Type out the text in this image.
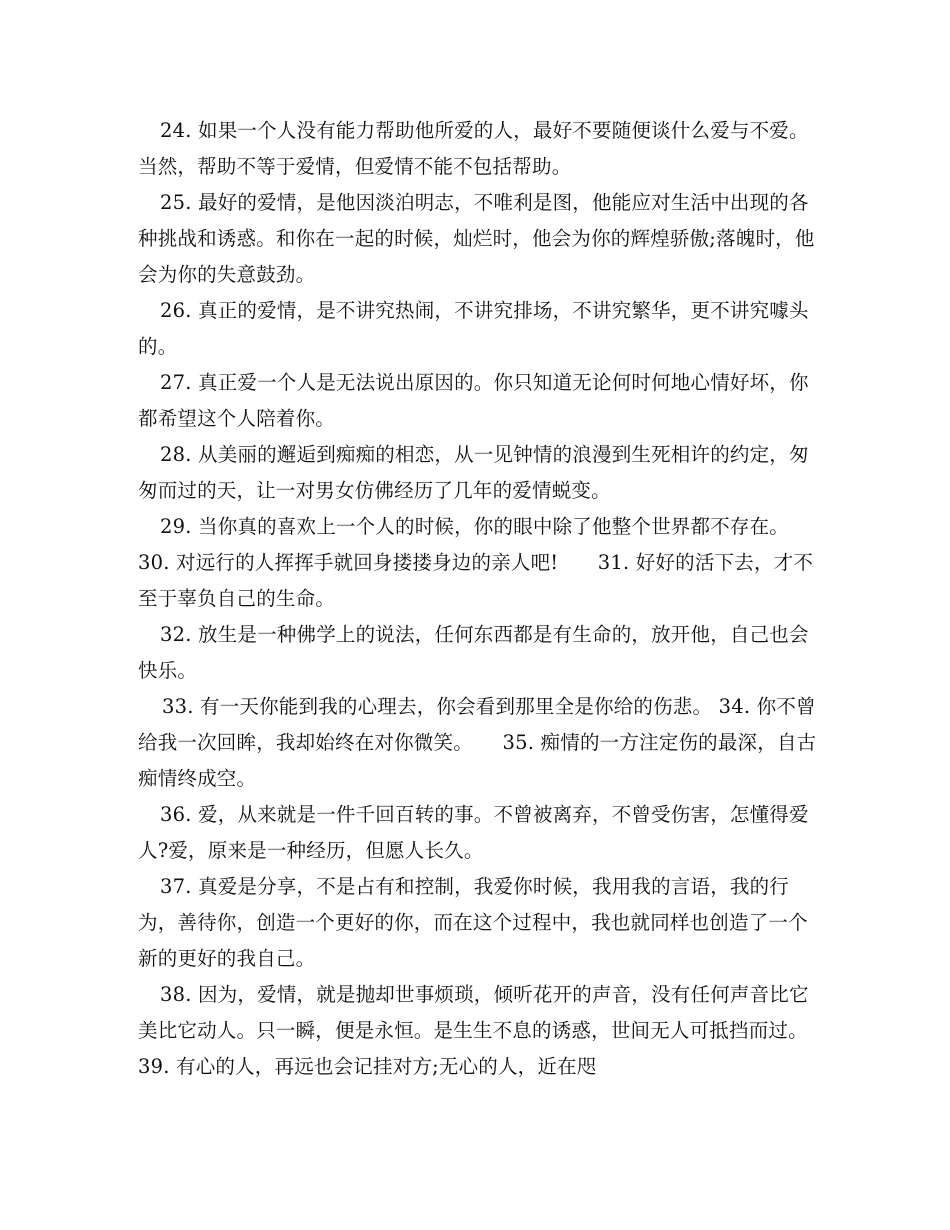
24. 如果一个人没有能力帮助他所爱的人，最好不要随便谈什么爱与不爱。当然，帮助不等于爱情，但爱情不能不包括帮助。

25. 最好的爱情，是他因淡泊明志，不唯利是图，他能应对生活中出现的各种挑战和诱惑。和你在一起的时候，灿烂时，他会为你的辉煌骄傲;落魄时，他会为你的失意鼓劲。

26. 真正的爱情，是不讲究热闹，不讲究排场，不讲究繁华，更不讲究噱头

的。

27. 真正爱一个人是无法说出原因的。你只知道无论何时何地心情好坏，你都希望这个人陪着你。

28. 从美丽的邂逅到痴痴的相恋，从一见钟情的浪漫到生死相许的约定，匆匆而过的天，让一对男女仿佛经历了几年的爱情蜕变。

29. 当你真的喜欢上一个人的时候，你的眼中除了他整个世界都不存在。　　30. 对远行的人挥挥手就回身搂搂身边的亲人吧!　　31. 好好的活下去，才不至于辜负自己的生命。

32. 放生是一种佛学上的说法，任何东西都是有生命的，放开他，自己也会快乐。

33. 有一天你能到我的心理去，你会看到那里全是你给的伤悲。 34. 你不曾给我一次回眸，我却始终在对你微笑。　　35. 痴情的一方注定伤的最深，自古痴情终成空。

36. 爱，从来就是一件千回百转的事。不曾被离弃，不曾受伤害，怎懂得爱人?爱，原来是一种经历，但愿人长久。

37. 真爱是分享，不是占有和控制，我爱你时候，我用我的言语，我的行为，善待你，创造一个更好的你，而在这个过程中，我也就同样也创造了一个新的更好的我自己。

38. 因为，爱情，就是抛却世事烦琐，倾听花开的声音，没有任何声音比它美比它动人。只一瞬，便是永恒。是生生不息的诱惑，世间无人可抵挡而过。　　39. 有心的人，再远也会记挂对方;无心的人，近在咫
